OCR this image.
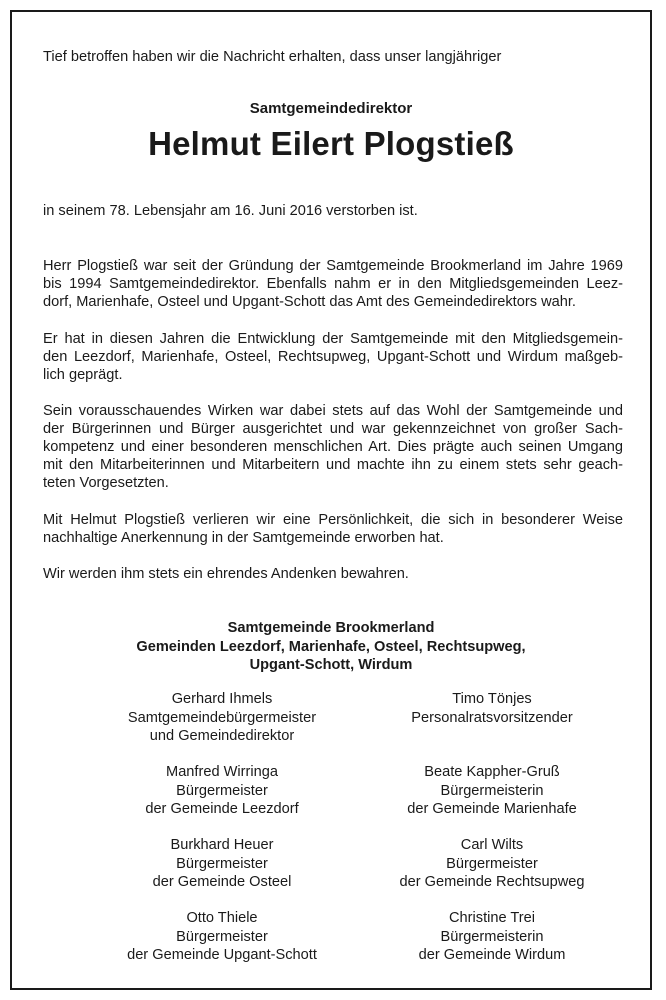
Tief betroffen haben wir die Nachricht erhalten, dass unser langjähriger

Samtgemeindedirektor
Helmut Eilert Plogstieß

in seinem 78. Lebensjahr am 16. Juni 2016 verstorben ist.

Herr Plogstieß war seit der Gründung der Samtgemeinde Brookmerland im Jahre 1969
bis 1994 Samtgemeindedirektor. Ebenfalls nahm er in den Mitgliedsgemeinden Leez-
dorf, Marienhafe, Osteel und Upgant-Schott das Amt des Gemeindedirektors wahr.

Er hat in diesen Jahren die Entwicklung der Samtgemeinde mit den Mitgliedsgemein-
den Leezdorf, Marienhafe, Osteel, Rechtsupweg, Upgant-Schott und Wirdum maßgeb-
lich geprägt.

Sein vorausschauendes Wirken war dabei stets auf das Wohl der Samtgemeinde und
der Bürgerinnen und Bürger ausgerichtet und war gekennzeichnet von großer Sach-
kompetenz und einer besonderen menschlichen Art. Dies prägte auch seinen Umgang
mit den Mitarbeiterinnen und Mitarbeitern und machte ihn zu einem stets sehr geach-
teten Vorgesetzten.

Mit Helmut Plogstieß verlieren wir eine Persönlichkeit, die sich in besonderer Weise
nachhaltige Anerkennung in der Samtgemeinde erworben hat.

Wir werden ihm stets ein ehrendes Andenken bewahren.

Samtgemeinde Brookmerland
Gemeinden Leezdorf, Marienhafe, Osteel, Rechtsupweg,
Upgant-Schott, Wirdum
Gerhard Ihmels
Samtgemeindebürgermeister
und Gemeindedirektor
Timo Tönjes
Personalratsvorsitzender
Manfred Wirringa
Bürgermeister
der Gemeinde Leezdorf
Beate Kappher-Gruß
Bürgermeisterin
der Gemeinde Marienhafe
Burkhard Heuer
Bürgermeister
der Gemeinde Osteel
Carl Wilts
Bürgermeister
der Gemeinde Rechtsupweg
Otto Thiele
Bürgermeister
der Gemeinde Upgant-Schott
Christine Trei
Bürgermeisterin
der Gemeinde Wirdum
